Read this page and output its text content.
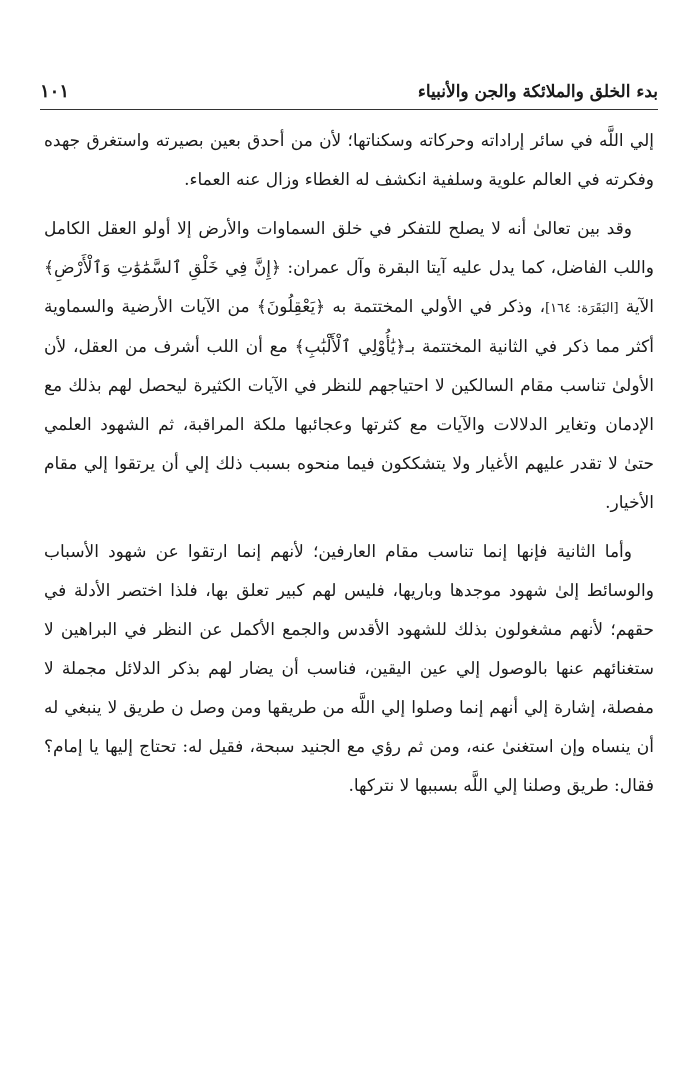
بدء الخلق والملائكة والجن والأنبياء
١٠١

إلي اللَّه في سائر إراداته وحركاته وسكناتها؛ لأن من أحدق بعين بصيرته واستغرق جهده وفكرته في العالم علوية وسلفية انكشف له الغطاء وزال عنه العماء.

وقد بين تعالىٰ أنه لا يصلح للتفكر في خلق السماوات والأرض إلا أولو العقل الكامل واللب الفاضل، كما يدل عليه آيتا البقرة وآل عمران: ﴿إِنَّ فِي خَلْقِ ٱلسَّمَٰوَٰتِ وَٱلْأَرْضِ﴾ الآية [البَقَرَة: ١٦٤]، وذكر في الأولي المختتمة به ﴿يَعْقِلُونَ﴾ من الآيات الأرضية والسماوية أكثر مما ذكر في الثانية المختتمة بـ﴿يَٰأُوْلِي ٱلْأَلْبَٰبِ﴾ مع أن اللب أشرف من العقل، لأن الأولىٰ تناسب مقام السالكين لا احتياجهم للنظر في الآيات الكثيرة ليحصل لهم بذلك مع الإدمان وتغاير الدلالات والآيات مع كثرتها وعجائبها ملكة المراقبة، ثم الشهود العلمي حتىٰ لا تقدر عليهم الأغيار ولا يتشككون فيما منحوه بسبب ذلك إلي أن يرتقوا إلي مقام الأخيار.

وأما الثانية فإنها إنما تناسب مقام العارفين؛ لأنهم إنما ارتقوا عن شهود الأسباب والوسائط إلىٰ شهود موجدها وباريها، فليس لهم كبير تعلق بها، فلذا اختصر الأدلة في حقهم؛ لأنهم مشغولون بذلك للشهود الأقدس والجمع الأكمل عن النظر في البراهين لا ستغنائهم عنها بالوصول إلي عين اليقين، فناسب أن يضار لهم بذكر الدلائل مجملة لا مفصلة، إشارة إلي أنهم إنما وصلوا إلي اللَّه من طريقها ومن وصل ن طريق لا ينبغي له أن ينساه وإن استغنىٰ عنه، ومن ثم رؤي مع الجنيد سبحة، فقيل له: تحتاج إليها يا إمام؟ فقال: طريق وصلنا إلي اللَّه بسببها لا نتركها.
